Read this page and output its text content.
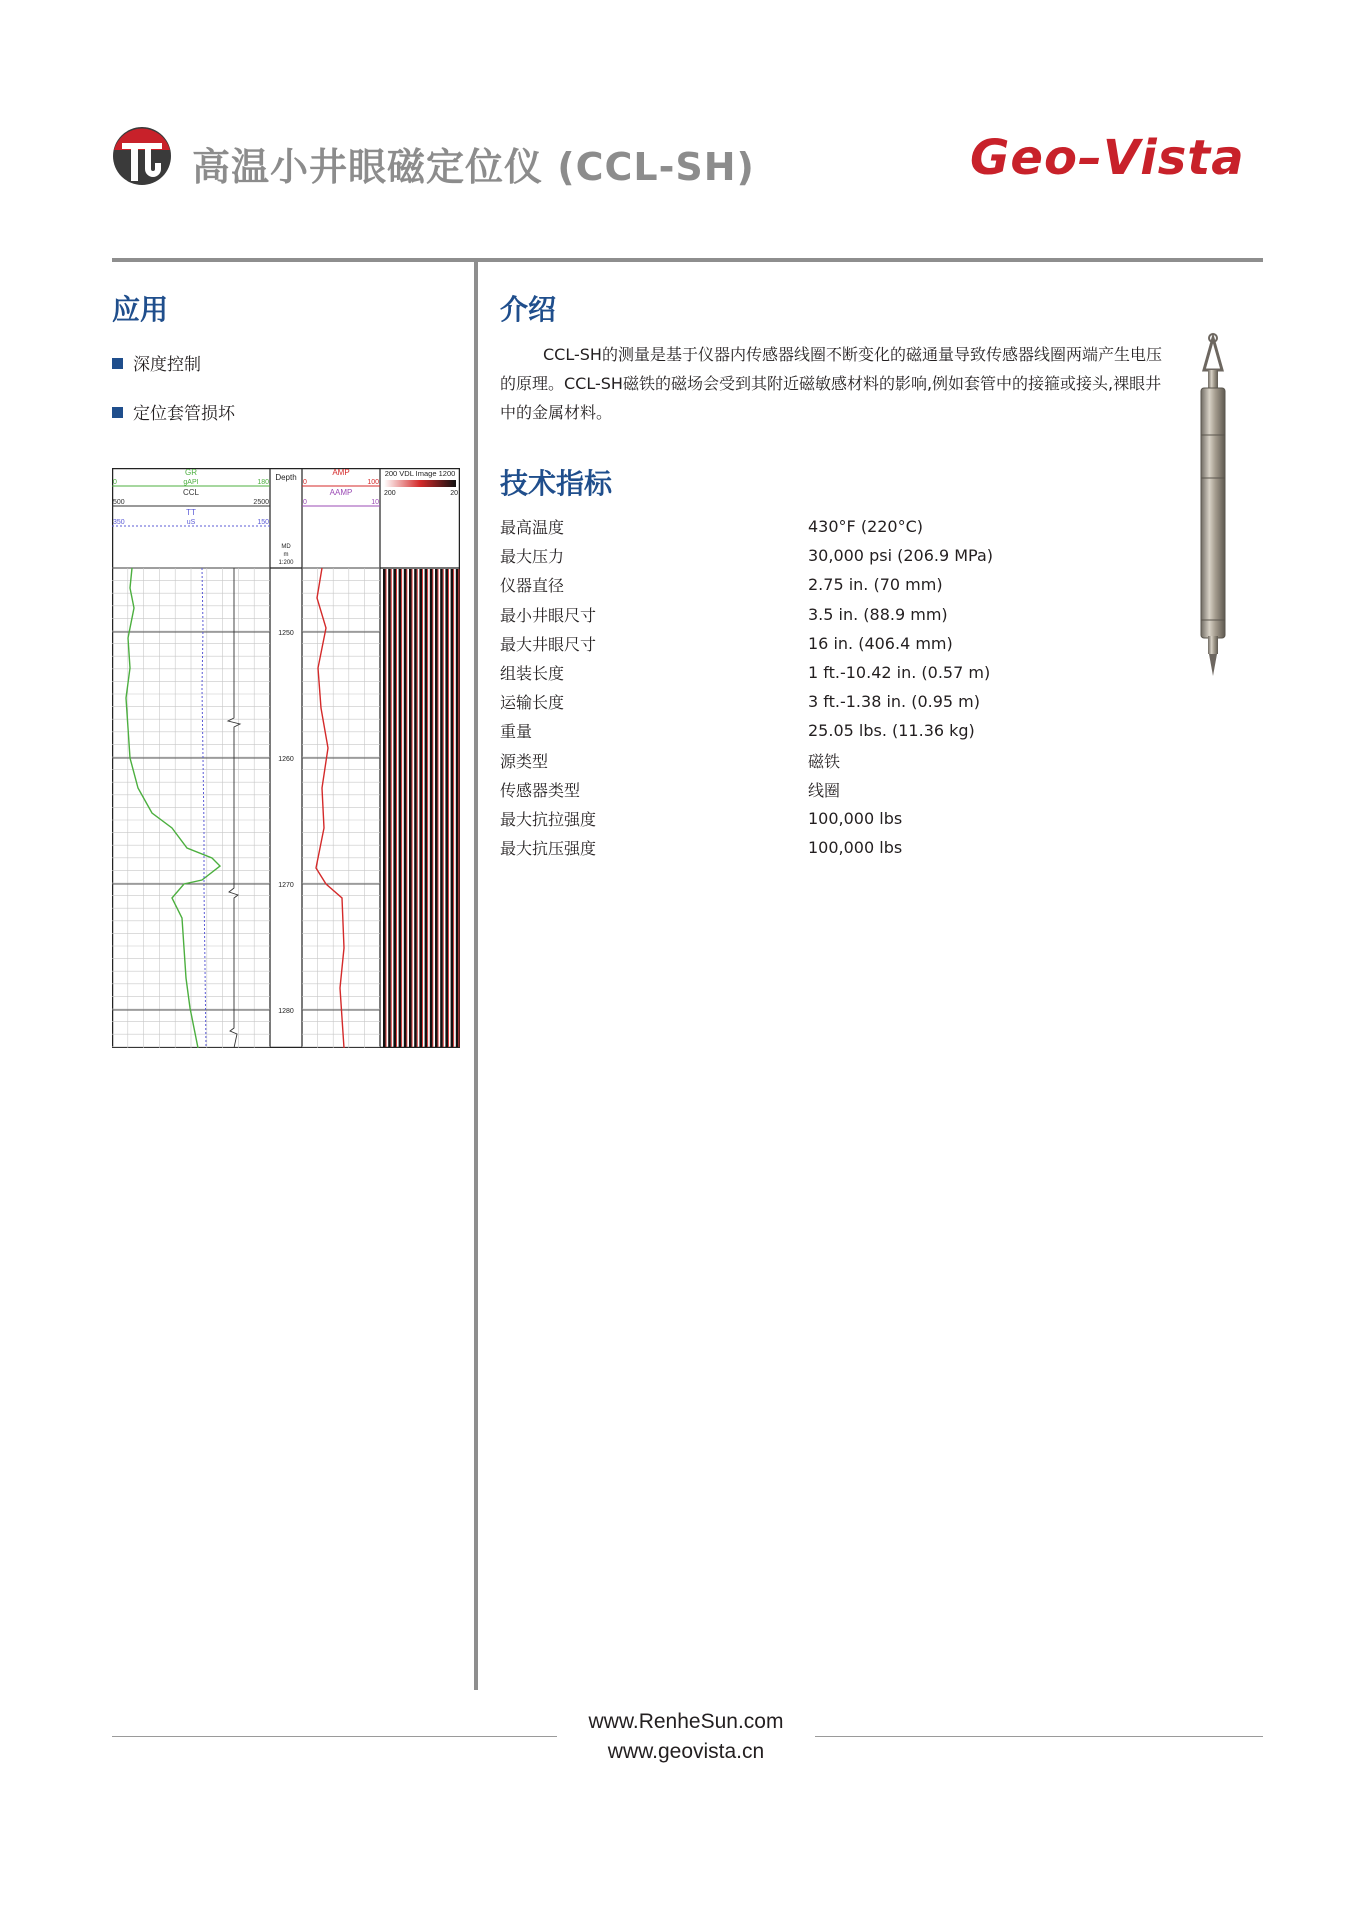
高温小井眼磁定位仪 (CCL-SH)	Geo–Vista
应用
深度控制
定位套管损坏
GR
gAPI
0	180
CCL
500	2500
TT
uS
350	150
Depth
MD
m
1:200
AMP
0	100
AAMP
0	10
200 VDL Image 1200
200	20
1250
1260
1270
1280
介绍

CCL-SH的测量是基于仪器内传感器线圈不断变化的磁通量导致传感器线圈两端产生电压的原理。CCL-SH磁铁的磁场会受到其附近磁敏感材料的影响,例如套管中的接箍或接头,裸眼井中的金属材料。

技术指标
最高温度	430°F (220°C)
最大压力	30,000 psi (206.9 MPa)
仪器直径	2.75 in. (70 mm)
最小井眼尺寸	3.5 in. (88.9 mm)
最大井眼尺寸	16 in. (406.4 mm)
组装长度	1 ft.-10.42 in. (0.57 m)
运输长度	3 ft.-1.38 in. (0.95 m)
重量	25.05 lbs. (11.36 kg)
源类型	磁铁
传感器类型	线圈
最大抗拉强度	100,000 lbs
最大抗压强度	100,000 lbs
www.RenheSun.com
www.geovista.cn
